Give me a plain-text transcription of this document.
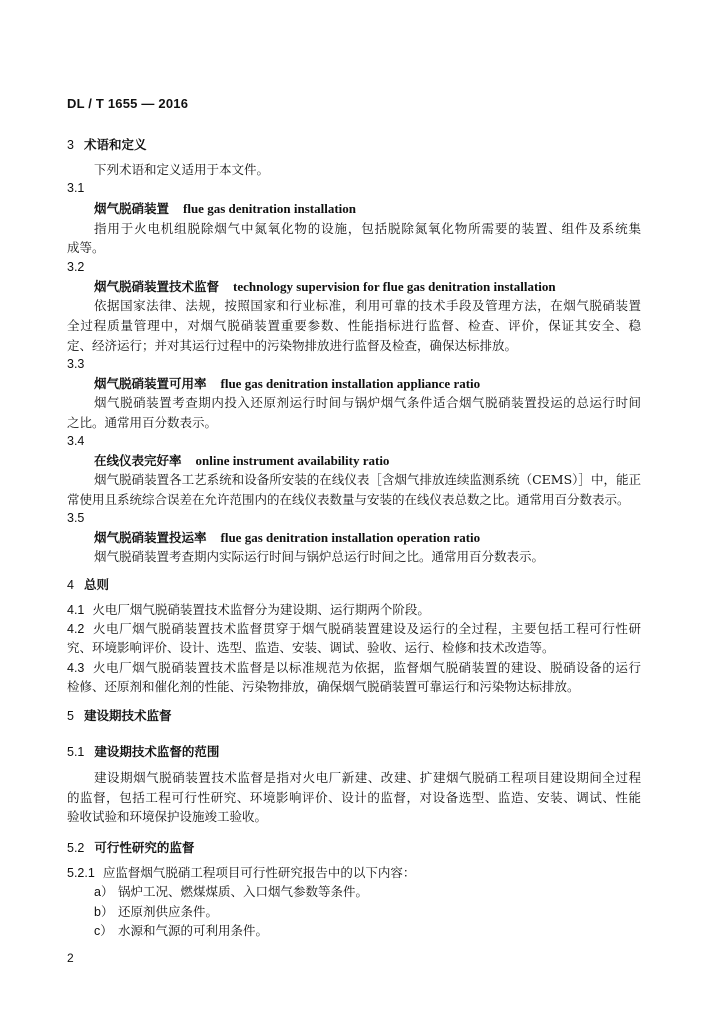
DL / T 1655 — 2016
3 术语和定义
下列术语和定义适用于本文件。
3.1
烟气脱硝装置 flue gas denitration installation
指用于火电机组脱除烟气中氮氧化物的设施，包括脱除氮氧化物所需要的装置、组件及系统集
成等。
3.2
烟气脱硝装置技术监督 technology supervision for flue gas denitration installation
依据国家法律、法规，按照国家和行业标准，利用可靠的技术手段及管理方法，在烟气脱硝装置
全过程质量管理中，对烟气脱硝装置重要参数、性能指标进行监督、检查、评价，保证其安全、稳
定、经济运行；并对其运行过程中的污染物排放进行监督及检查，确保达标排放。
3.3
烟气脱硝装置可用率 flue gas denitration installation appliance ratio
烟气脱硝装置考查期内投入还原剂运行时间与锅炉烟气条件适合烟气脱硝装置投运的总运行时间
之比。通常用百分数表示。
3.4
在线仪表完好率 online instrument availability ratio
烟气脱硝装置各工艺系统和设备所安装的在线仪表［含烟气排放连续监测系统（CEMS）］中，能正
常使用且系统综合误差在允许范围内的在线仪表数量与安装的在线仪表总数之比。通常用百分数表示。
3.5
烟气脱硝装置投运率 flue gas denitration installation operation ratio
烟气脱硝装置考查期内实际运行时间与锅炉总运行时间之比。通常用百分数表示。
4 总则
4.1 火电厂烟气脱硝装置技术监督分为建设期、运行期两个阶段。
4.2 火电厂烟气脱硝装置技术监督贯穿于烟气脱硝装置建设及运行的全过程，主要包括工程可行性研
究、环境影响评价、设计、选型、监造、安装、调试、验收、运行、检修和技术改造等。
4.3 火电厂烟气脱硝装置技术监督是以标准规范为依据，监督烟气脱硝装置的建设、脱硝设备的运行
检修、还原剂和催化剂的性能、污染物排放，确保烟气脱硝装置可靠运行和污染物达标排放。
5 建设期技术监督
5.1 建设期技术监督的范围
建设期烟气脱硝装置技术监督是指对火电厂新建、改建、扩建烟气脱硝工程项目建设期间全过程
的监督，包括工程可行性研究、环境影响评价、设计的监督，对设备选型、监造、安装、调试、性能
验收试验和环境保护设施竣工验收。
5.2 可行性研究的监督
5.2.1 应监督烟气脱硝工程项目可行性研究报告中的以下内容：
a） 锅炉工况、燃煤煤质、入口烟气参数等条件。
b） 还原剂供应条件。
c） 水源和气源的可利用条件。
2
